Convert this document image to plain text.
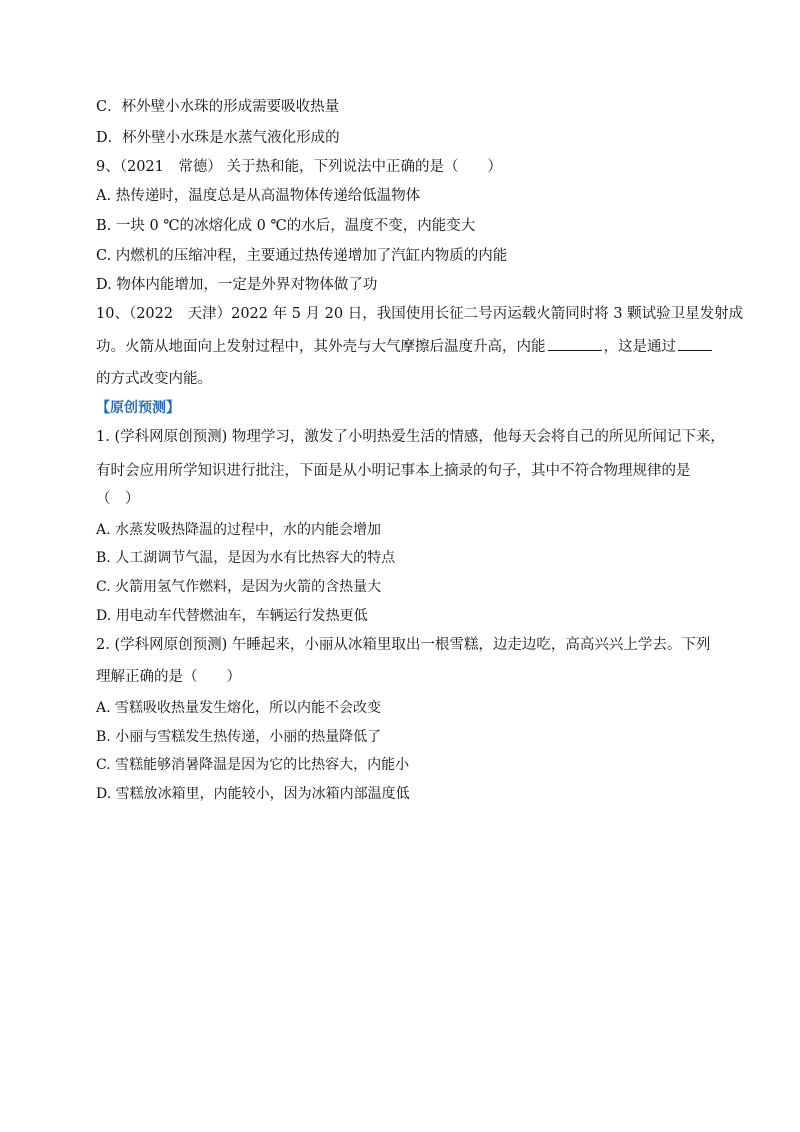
C．杯外壁小水珠的形成需要吸收热量
D．杯外壁小水珠是水蒸气液化形成的
9、（2021　常德） 关于热和能，下列说法中正确的是（　　）
A. 热传递时，温度总是从高温物体传递给低温物体
B. 一块 0 ℃的冰熔化成 0 ℃的水后，温度不变，内能变大
C. 内燃机的压缩冲程，主要通过热传递增加了汽缸内物质的内能
D. 物体内能增加，一定是外界对物体做了功
10、（2022　天津）2022 年 5 月 20 日，我国使用长征二号丙运载火箭同时将 3 颗试验卫星发射成
功。火箭从地面向上发射过程中，其外壳与大气摩擦后温度升高，内能	，这是通过
的方式改变内能。
【原创预测】
1. (学科网原创预测) 物理学习，激发了小明热爱生活的情感，他每天会将自己的所见所闻记下来，
有时会应用所学知识进行批注，下面是从小明记事本上摘录的句子，其中不符合物理规律的是
（　）
A. 水蒸发吸热降温的过程中，水的内能会增加
B. 人工湖调节气温，是因为水有比热容大的特点
C. 火箭用氢气作燃料，是因为火箭的含热量大
D. 用电动车代替燃油车，车辆运行发热更低
2. (学科网原创预测) 午睡起来，小丽从冰箱里取出一根雪糕，边走边吃，高高兴兴上学去。下列
理解正确的是（　　）
A. 雪糕吸收热量发生熔化，所以内能不会改变
B. 小丽与雪糕发生热传递，小丽的热量降低了
C. 雪糕能够消暑降温是因为它的比热容大，内能小
D. 雪糕放冰箱里，内能较小，因为冰箱内部温度低
